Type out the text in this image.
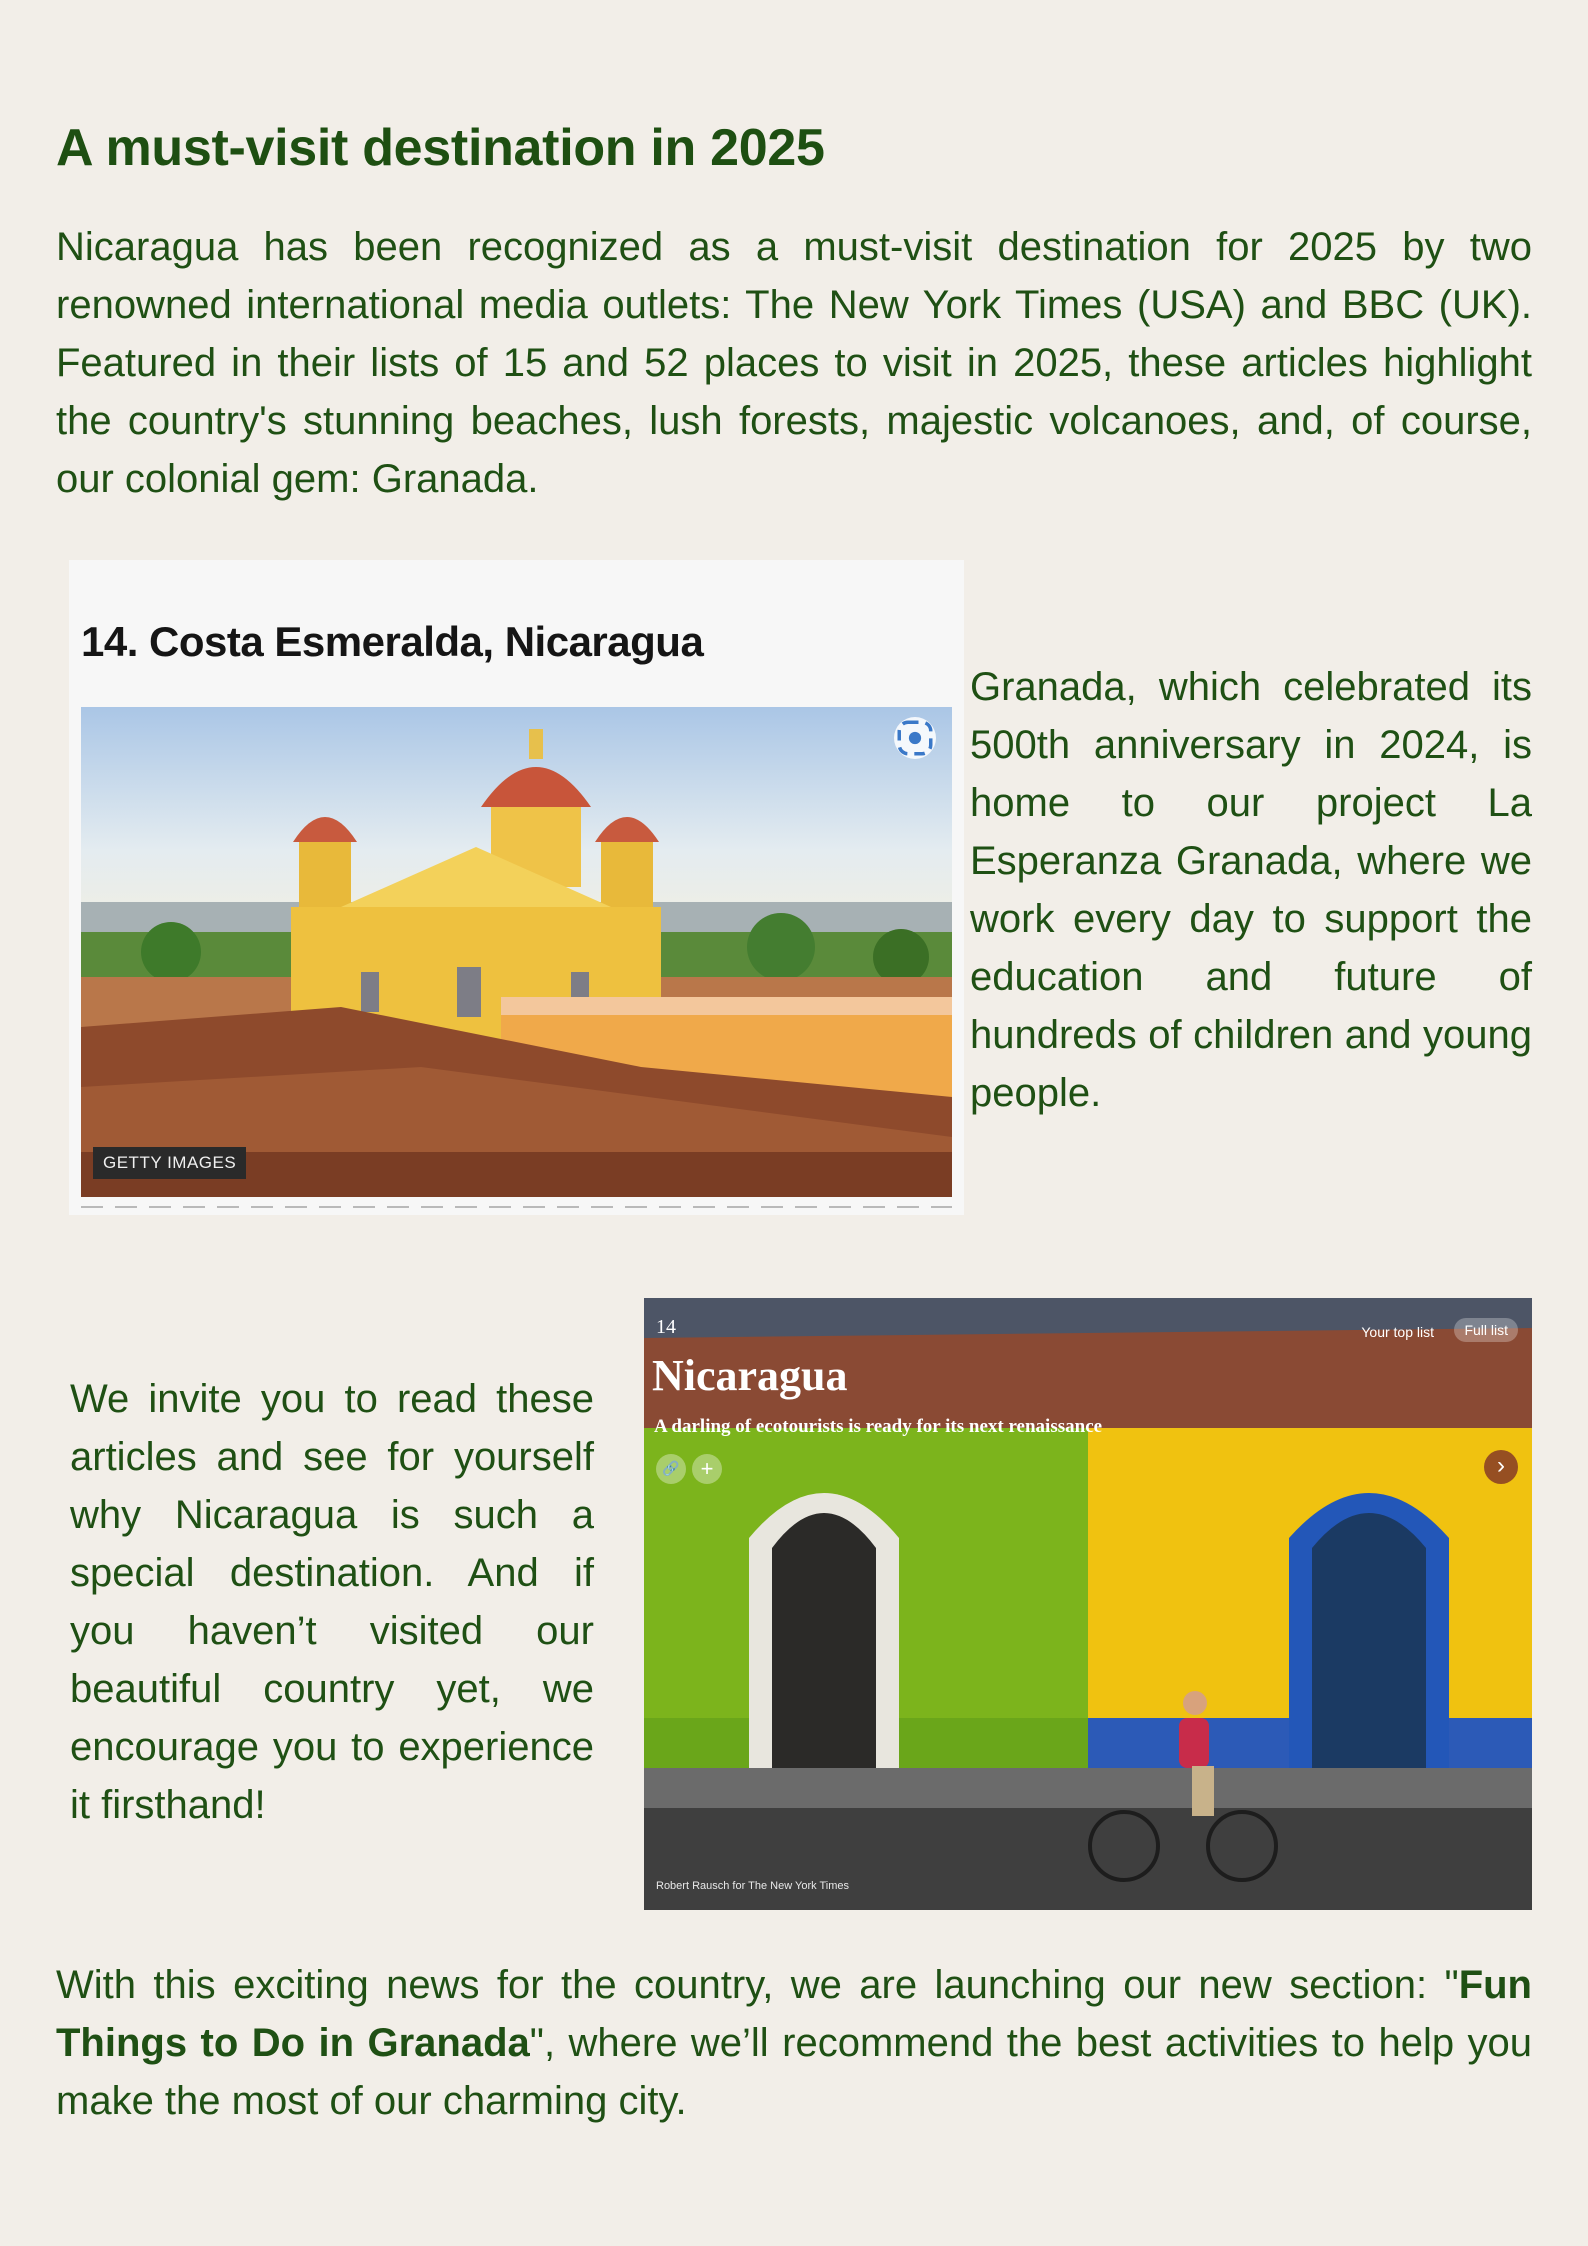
A must-visit destination in 2025

Nicaragua has been recognized as a must-visit destination for 2025 by two renowned international media outlets: The New York Times (USA) and BBC (UK). Featured in their lists of 15 and 52 places to visit in 2025, these articles highlight the country's stunning beaches, lush forests, majestic volcanoes, and, of course, our colonial gem: Granada.

14. Costa Esmeralda, Nicaragua
GETTY IMAGES

Granada, which celebrated its 500th anniversary in 2024, is home to our project La Esperanza Granada, where we work every day to support the education and future of hundreds of children and young people.

We invite you to read these articles and see for yourself why Nicaragua is such a special destination. And if you haven’t visited our beautiful country yet, we encourage you to experience it firsthand!

14
Nicaragua
A darling of ecotourists is ready for its next renaissance
Your top list	Full list
🔗 +	›
Robert Rausch for The New York Times

With this exciting news for the country, we are launching our new section: "Fun Things to Do in Granada", where we’ll recommend the best activities to help you make the most of our charming city.
